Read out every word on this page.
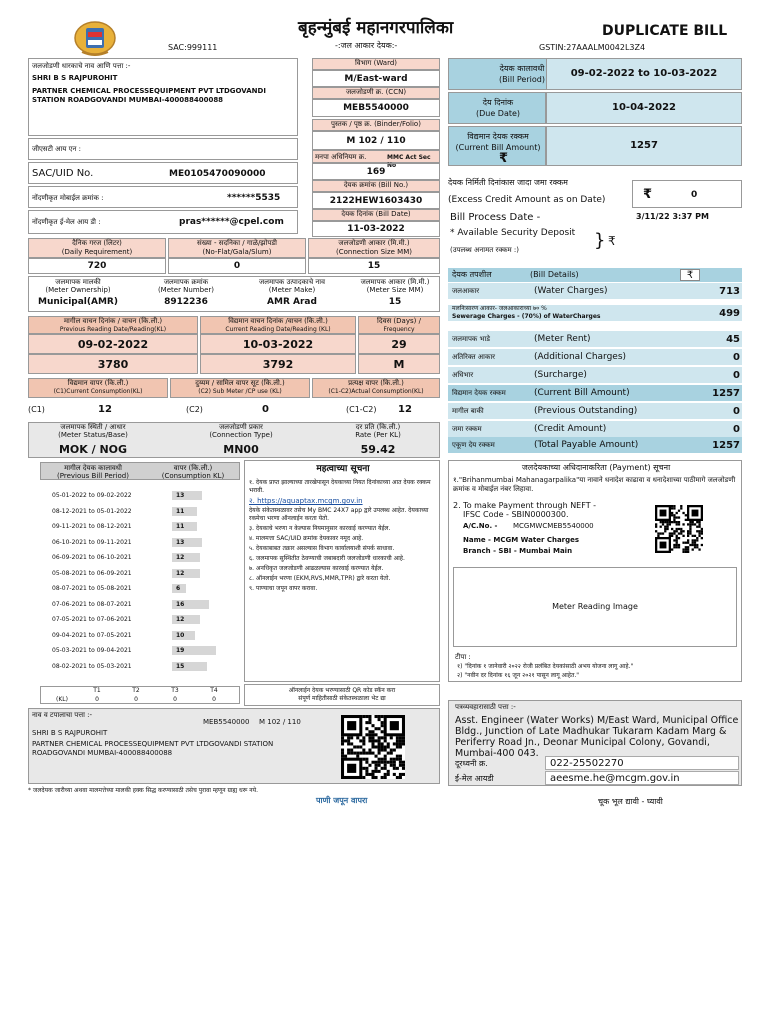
बृहन्मुंबई महानगरपालिका	DUPLICATE BILL
SAC:999111	-:जल आकार देयक:-	GSTIN:27AAALM0042L3Z4
जलजोडणी धारकाचे नाव आणि पत्ता :-
SHRI B S RAJPUROHIT
PARTNER CHEMICAL PROCESSEQUIPMENT PVT LTDGOVANDI STATION ROADGOVANDI MUMBAI-400088400088
जीएसटी आय एन :
SAC/UID No.	ME0105470090000
नोंदणीकृत मोबाईल क्रमांक :	******5535
नोंदणीकृत ई-मेल आय डी :	pras******@cpel.com
विभाग (Ward)
M/East-ward
जलजोडणी क्र. (CCN)
MEB5540000
पुस्तक / पृष्ठ क्र. (Binder/Folio)
M 102 / 110
मनपा अधिनियम क्र.	MMC Act Sec No
169
देयक क्रमांक (Bill No.)
2122HEW1603430
देयक दिनांक (Bill Date)
11-03-2022
देयक कालावधी
(Bill Period)
09-02-2022 to 10-03-2022
देय दिनांक
(Due Date)
10-04-2022
विद्यमान देयक रक्कम
(Current Bill Amount)
₹
1257
देयक निर्मिती दिनांकास जादा जमा रक्कम
(Excess Credit Amount as on Date)	₹	0
Bill Process Date -	3/11/22 3:37 PM
* Available Security Deposit
(उपलब्ध अनामत रक्कम :)	} ₹
दैनिक गरज (लिटर)
(Daily Requirement)
संख्या - सदनिका / गाळे/झोपडी
(No-Flat/Gala/Slum)
जलजोडणी आकार (मि.मी.)
(Connection Size MM)
720	0	15
जलमापक मालकी
(Meter Ownership)
Municipal(AMR)
जलमापक क्रमांक
(Meter Number)
8912236
जलमापक उत्पादकाचे नाव
(Meter Make)
AMR Arad
जलमापक आकार (मि.मी.)
(Meter Size MM)
15
मागील वाचन दिनांक / वाचन (कि.ली.)
Previous Reading Date/Reading(KL)
विद्यमान वाचन दिनांक /वाचन (कि.ली.)
Current Reading Date/Reading (KL)
दिवस (Days) /
Frequency
09-02-2022	10-03-2022	29
3780	3792	M
विद्यमान वापर (कि.ली.)
(C1)Current Consumption(KL)
दुय्यम / सामिल वापर सूट (कि.ली.)
(C2) Sub Meter /CP use (KL)
प्रत्यक्ष वापर (कि.ली.)
(C1-C2)Actual Consumption(KL)
(C1)	12	(C2)	0	(C1-C2) 12
जलमापक स्थिती / आधार
(Meter Status/Base)
MOK / NOG
जलजोडणी प्रकार
(Connection Type)
MN00
दर प्रति (कि.ली.)
Rate (Per KL)
59.42
देयक तपशील	(Bill Details)	₹
जलआकार	(Water Charges)	713
मलनिःसारण आकार- जलआकाराच्या ७० %
Sewerage Charges - (70%) of WaterCharges	499
जलमापक भाडे	(Meter Rent)	45
अतिरिक्त आकार	(Additional Charges)	0
अधिभार	(Surcharge)	0
विद्यमान देयक रक्कम	(Current Bill Amount)	1257
मागील बाकी	(Previous Outstanding)	0
जमा रक्कम	(Credit Amount)	0
एकूण देय रक्कम	(Total Payable Amount)	1257
मागील देयक कालावधी
(Previous Bill Period)
वापर (कि.ली.)
(Consumption KL)
05-01-2022 to 09-02-2022	13
08-12-2021 to 05-01-2022	11
09-11-2021 to 08-12-2021	11
06-10-2021 to 09-11-2021	13
06-09-2021 to 06-10-2021	12
05-08-2021 to 06-09-2021	12
08-07-2021 to 05-08-2021	6
07-06-2021 to 08-07-2021	16
07-05-2021 to 07-06-2021	12
09-04-2021 to 07-05-2021	10
05-03-2021 to 09-04-2021	19
08-02-2021 to 05-03-2021	15
(KL)
T1
0
T2
0
T3
0
T4
0
महत्वाच्या सूचना
१. देयक प्राप्त झाल्याच्या तारखेपासून देयकाच्या नियत दिनांकाच्या आत देयक रक्कम भरावी.
२. https://aquaptax.mcgm.gov.in
देयके संकेतस्थळावर तसेच My BMC 24X7 app द्वारे उपलब्ध आहेत. देयकाच्या रकमेचा भरणा ऑनलाईन करता येतो.
३. देयकाचे भरणा न केल्यास नियमानुसार कारवाई करण्यात येईल.
४. मालमत्ता SAC/UID क्रमांक देयकावर नमूद आहे.
५. देयकाबाबत तक्रार असल्यास विभाग कार्यालयाशी संपर्क साधावा.
६. जलमापक सुस्थितीत ठेवण्याची जबाबदारी जलजोडणी धारकाची आहे.
७. अनधिकृत जलजोडणी आढळल्यास कारवाई करण्यात येईल.
८. ऑनलाईन भरणा (EKM,RVS,MMR,TPR) द्वारे करता येतो.
९. पाण्याचा जपून वापर करावा.
जलदेयकाच्या अधिदानाकरिता (Payment) सूचना
१."Brihanmumbai Mahanagarpalika"या नावाने धनादेश काढावा व धनादेशाच्या पाठीमागे जलजोडणी क्रमांक व मोबाईल नंबर लिहावा.
2. To make Payment through NEFT -
IFSC Code - SBIN0000300.
A/C.No. - MCGMWCMEB5540000
Name - MCGM Water Charges
Branch - SBI - Mumbai Main
Meter Reading Image
टीपा :
१) "दिनांक १ जानेवारी २०२२ रोजी प्रलंबित देयकांसाठी अभय योजना लागू आहे."
२) "नवीन दर दिनांक १६ जून २०२१ पासून लागू आहेत."
ऑनलाईन देयक भरण्यासाठी QR कोड स्कॅन करा
संपूर्ण माहितीसाठी संकेतस्थळाला भेट द्या
नाव व टपालाचा पत्ता :-
MEB5540000 M 102 / 110
SHRI B S RAJPUROHIT
PARTNER CHEMICAL PROCESSEQUIPMENT PVT LTDGOVANDI STATION ROADGOVANDI MUMBAI-400088400088
पत्रव्यवहारासाठी पत्ता :-
Asst. Engineer (Water Works) M/East Ward, Municipal Office Bldg., Junction of Late Madhukar Tukaram Kadam Marg & Periferry Road Jn., Deonar Municipal Colony, Govandi, Mumbai-400 043.
दूरध्वनी क्र.	022-25502270
ई-मेल आयडी	aeesme.he@mcgm.gov.in
* जलदेयक जारीच्या अथवा मालमत्तेच्या मालकी हक्क सिद्ध करण्यासाठी तसेच पुरावा म्हणून ग्राह्य धरू नये.
पाणी जपून वापरा	चूक भूल द्यावी - घ्यावी
